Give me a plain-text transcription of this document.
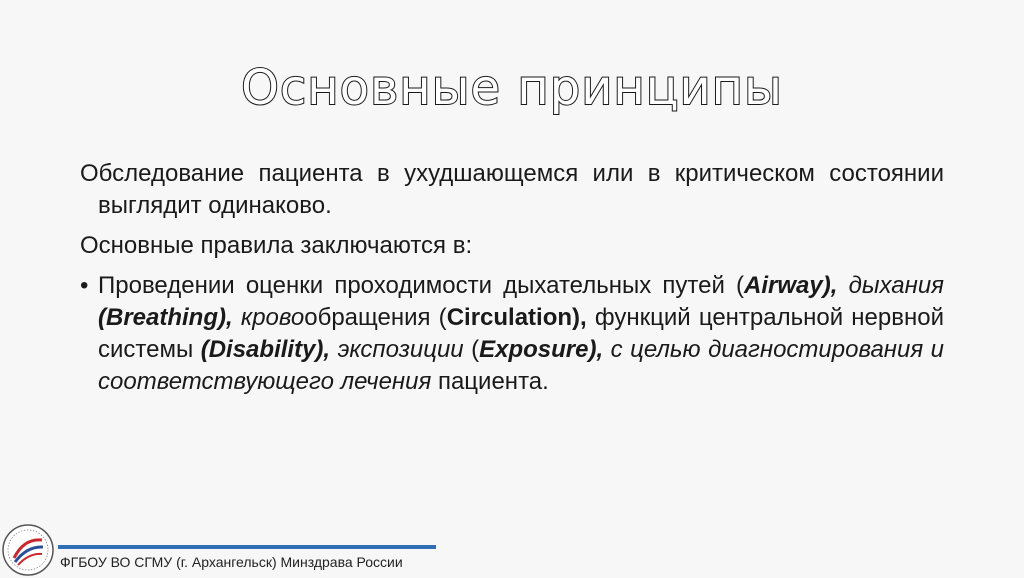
Основные принципы

Обследование пациента в ухудшающемся или в критическом состоянии выглядит одинаково.

Основные правила заключаются в:

• Проведении оценки проходимости дыхательных путей (Airway), дыхания (Breathing), кровообращения (Circulation), функций центральной нервной системы (Disability), экспозиции (Exposure), с целью диагностирования и соответствующего лечения пациента.
ФГБОУ ВО СГМУ (г. Архангельск) Минздрава России
